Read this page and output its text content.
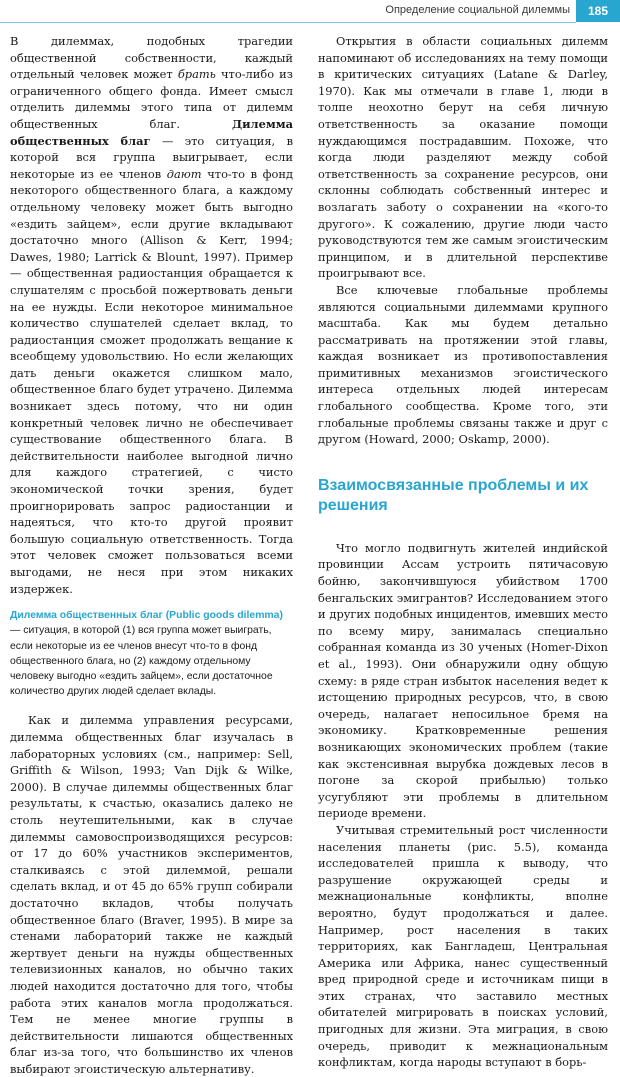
Определение социальной дилеммы	185

В дилеммах, подобных трагедии общественной собственности, каждый отдельный человек может брать что-либо из ограниченного общего фонда. Имеет смысл отделить дилеммы этого типа от дилемм общественных благ. Дилемма общественных благ — это ситуация, в которой вся группа выигрывает, если некоторые из ее членов дают что-то в фонд некоторого общественного блага, а каждому отдельному человеку может быть выгодно «ездить зайцем», если другие вкладывают достаточно много (Allison & Kerr, 1994; Dawes, 1980; Larrick & Blount, 1997). Пример — общественная радиостанция обращается к слушателям с просьбой пожертвовать деньги на ее нужды. Если некоторое минимальное количество слушателей сделает вклад, то радиостанция сможет продолжать вещание к всеобщему удовольствию. Но если желающих дать деньги окажется слишком мало, общественное благо будет утрачено. Дилемма возникает здесь потому, что ни один конкретный человек лично не обеспечивает существование общественного блага. В действительности наиболее выгодной лично для каждого стратегией, с чисто экономической точки зрения, будет проигнорировать запрос радиостанции и надеяться, что кто-то другой проявит большую социальную ответственность. Тогда этот человек сможет пользоваться всеми выгодами, не неся при этом никаких издержек.

Дилемма общественных благ (Public goods dilemma) — ситуация, в которой (1) вся группа может выиграть, если некоторые из ее членов внесут что-то в фонд общественного блага, но (2) каждому отдельному человеку выгодно «ездить зайцем», если достаточное количество других людей сделает вклады.

Как и дилемма управления ресурсами, дилемма общественных благ изучалась в лабораторных условиях (см., например: Sell, Griffith & Wilson, 1993; Van Dijk & Wilke, 2000). В случае дилеммы общественных благ результаты, к счастью, оказались далеко не столь неутешительными, как в случае дилеммы самовоспроизводящихся ресурсов: от 17 до 60% участников экспериментов, сталкиваясь с этой дилеммой, решали сделать вклад, и от 45 до 65% групп собирали достаточно вкладов, чтобы получать общественное благо (Braver, 1995). В мире за стенами лабораторий также не каждый жертвует деньги на нужды общественных телевизионных каналов, но обычно таких людей находится достаточно для того, чтобы работа этих каналов могла продолжаться. Тем не менее многие группы в действительности лишаются общественных благ из-за того, что большинство их членов выбирают эгоистическую альтернативу.

Открытия в области социальных дилемм напоминают об исследованиях на тему помощи в критических ситуациях (Latane & Darley, 1970). Как мы отмечали в главе 1, люди в толпе неохотно берут на себя личную ответственность за оказание помощи нуждающимся пострадавшим. Похоже, что когда люди разделяют между собой ответственность за сохранение ресурсов, они склонны соблюдать собственный интерес и возлагать заботу о сохранении на «кого-то другого». К сожалению, другие люди часто руководствуются тем же самым эгоистическим принципом, и в длительной перспективе проигрывают все.

Все ключевые глобальные проблемы являются социальными дилеммами крупного масштаба. Как мы будем детально рассматривать на протяжении этой главы, каждая возникает из противопоставления примитивных механизмов эгоистического интереса отдельных людей интересам глобального сообщества. Кроме того, эти глобальные проблемы связаны также и друг с другом (Howard, 2000; Oskamp, 2000).

Взаимосвязанные проблемы и их решения

Что могло подвигнуть жителей индийской провинции Ассам устроить пятичасовую бойню, закончившуюся убийством 1700 бенгальских эмигрантов? Исследованием этого и других подобных инцидентов, имевших место по всему миру, занималась специально собранная команда из 30 ученых (Homer-Dixon et al., 1993). Они обнаружили одну общую схему: в ряде стран избыток населения ведет к истощению природных ресурсов, что, в свою очередь, налагает непосильное бремя на экономику. Кратковременные решения возникающих экономических проблем (такие как экстенсивная вырубка дождевых лесов в погоне за скорой прибылью) только усугубляют эти проблемы в длительном периоде времени.

Учитывая стремительный рост численности населения планеты (рис. 5.5), команда исследователей пришла к выводу, что разрушение окружающей среды и межнациональные конфликты, вполне вероятно, будут продолжаться и далее. Например, рост населения в таких территориях, как Бангладеш, Центральная Америка или Африка, нанес существенный вред природной среде и источникам пищи в этих странах, что заставило местных обитателей мигрировать в поисках условий, пригодных для жизни. Эта миграция, в свою очередь, приводит к межнациональным конфликтам, когда народы вступают в борь-
